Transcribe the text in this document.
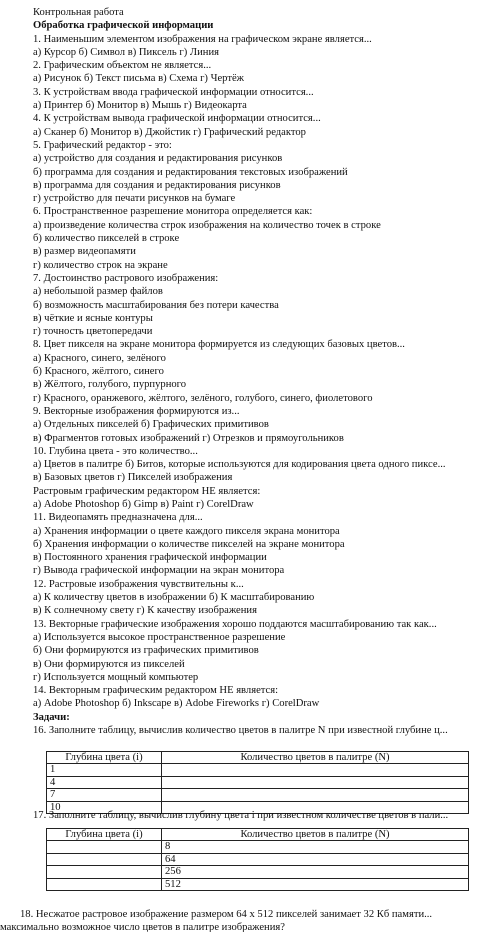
Контрольная работа
Обработка графической информации
1. Наименьшим элементом изображения на графическом экране является...
а) Курсор б) Символ в) Пиксель г) Линия
2. Графическим объектом не является...
а) Рисунок б) Текст письма в) Схема г) Чертёж
3. К устройствам ввода графической информации относится...
а) Принтер б) Монитор в) Мышь г) Видеокарта
4. К устройствам вывода графической информации относится...
а) Сканер б) Монитор в) Джойстик г) Графический редактор
5. Графический редактор - это:
а) устройство для создания и редактирования рисунков
б) программа для создания и редактирования текстовых изображений
в) программа для создания и редактирования рисунков
г) устройство для печати рисунков на бумаге
6. Пространственное разрешение монитора определяется как:
а) произведение количества строк изображения на количество точек в строке
б) количество пикселей в строке
в) размер видеопамяти
г) количество строк на экране
7. Достоинство растрового изображения:
а) небольшой размер файлов
б) возможность масштабирования без потери качества
в) чёткие и ясные контуры
г) точность цветопередачи
8. Цвет пикселя на экране монитора формируется из следующих базовых цветов...
а) Красного, синего, зелёного
б) Красного, жёлтого, синего
в) Жёлтого, голубого, пурпурного
г) Красного, оранжевого, жёлтого, зелёного, голубого, синего, фиолетового
9. Векторные изображения формируются из...
а) Отдельных пикселей б) Графических примитивов
в) Фрагментов готовых изображений г) Отрезков и прямоугольников
10. Глубина цвета - это количество...
а) Цветов в палитре б) Битов, которые используются для кодирования цвета одного пиксе...
в) Базовых цветов г) Пикселей изображения
Растровым графическим редактором НЕ является:
а) Adobe Photoshop б) Gimp в) Paint г) CorelDraw
11. Видеопамять предназначена для...
а) Хранения информации о цвете каждого пикселя экрана монитора
б) Хранения информации о количестве пикселей на экране монитора
в) Постоянного хранения графической информации
г) Вывода графической информации на экран монитора
12. Растровые изображения чувствительны к...
а) К количеству цветов в изображении б) К масштабированию
в) К солнечному свету г) К качеству изображения
13. Векторные графические изображения хорошо поддаются масштабированию так как...
а) Используется высокое пространственное разрешение
б) Они формируются из графических примитивов
в) Они формируются из пикселей
г) Используется мощный компьютер
14. Векторным графическим редактором НЕ является:
а) Adobe Photoshop б) Inkscape в) Adobe Fireworks г) CorelDraw
Задачи:
16. Заполните таблицу, вычислив количество цветов в палитре N при известной глубине ц...
Глубина цвета (i)	Количество цветов в палитре (N)
1	
4	
7	
10	
17. Заполните таблицу, вычислив глубину цвета i при известном количестве цветов в пали...
Глубина цвета (i)	Количество цветов в палитре (N)
	8
	64
	256
	512
18. Несжатое растровое изображение размером 64 х 512 пикселей занимает 32 Кб памяти...
максимально возможное число цветов в палитре изображения?
